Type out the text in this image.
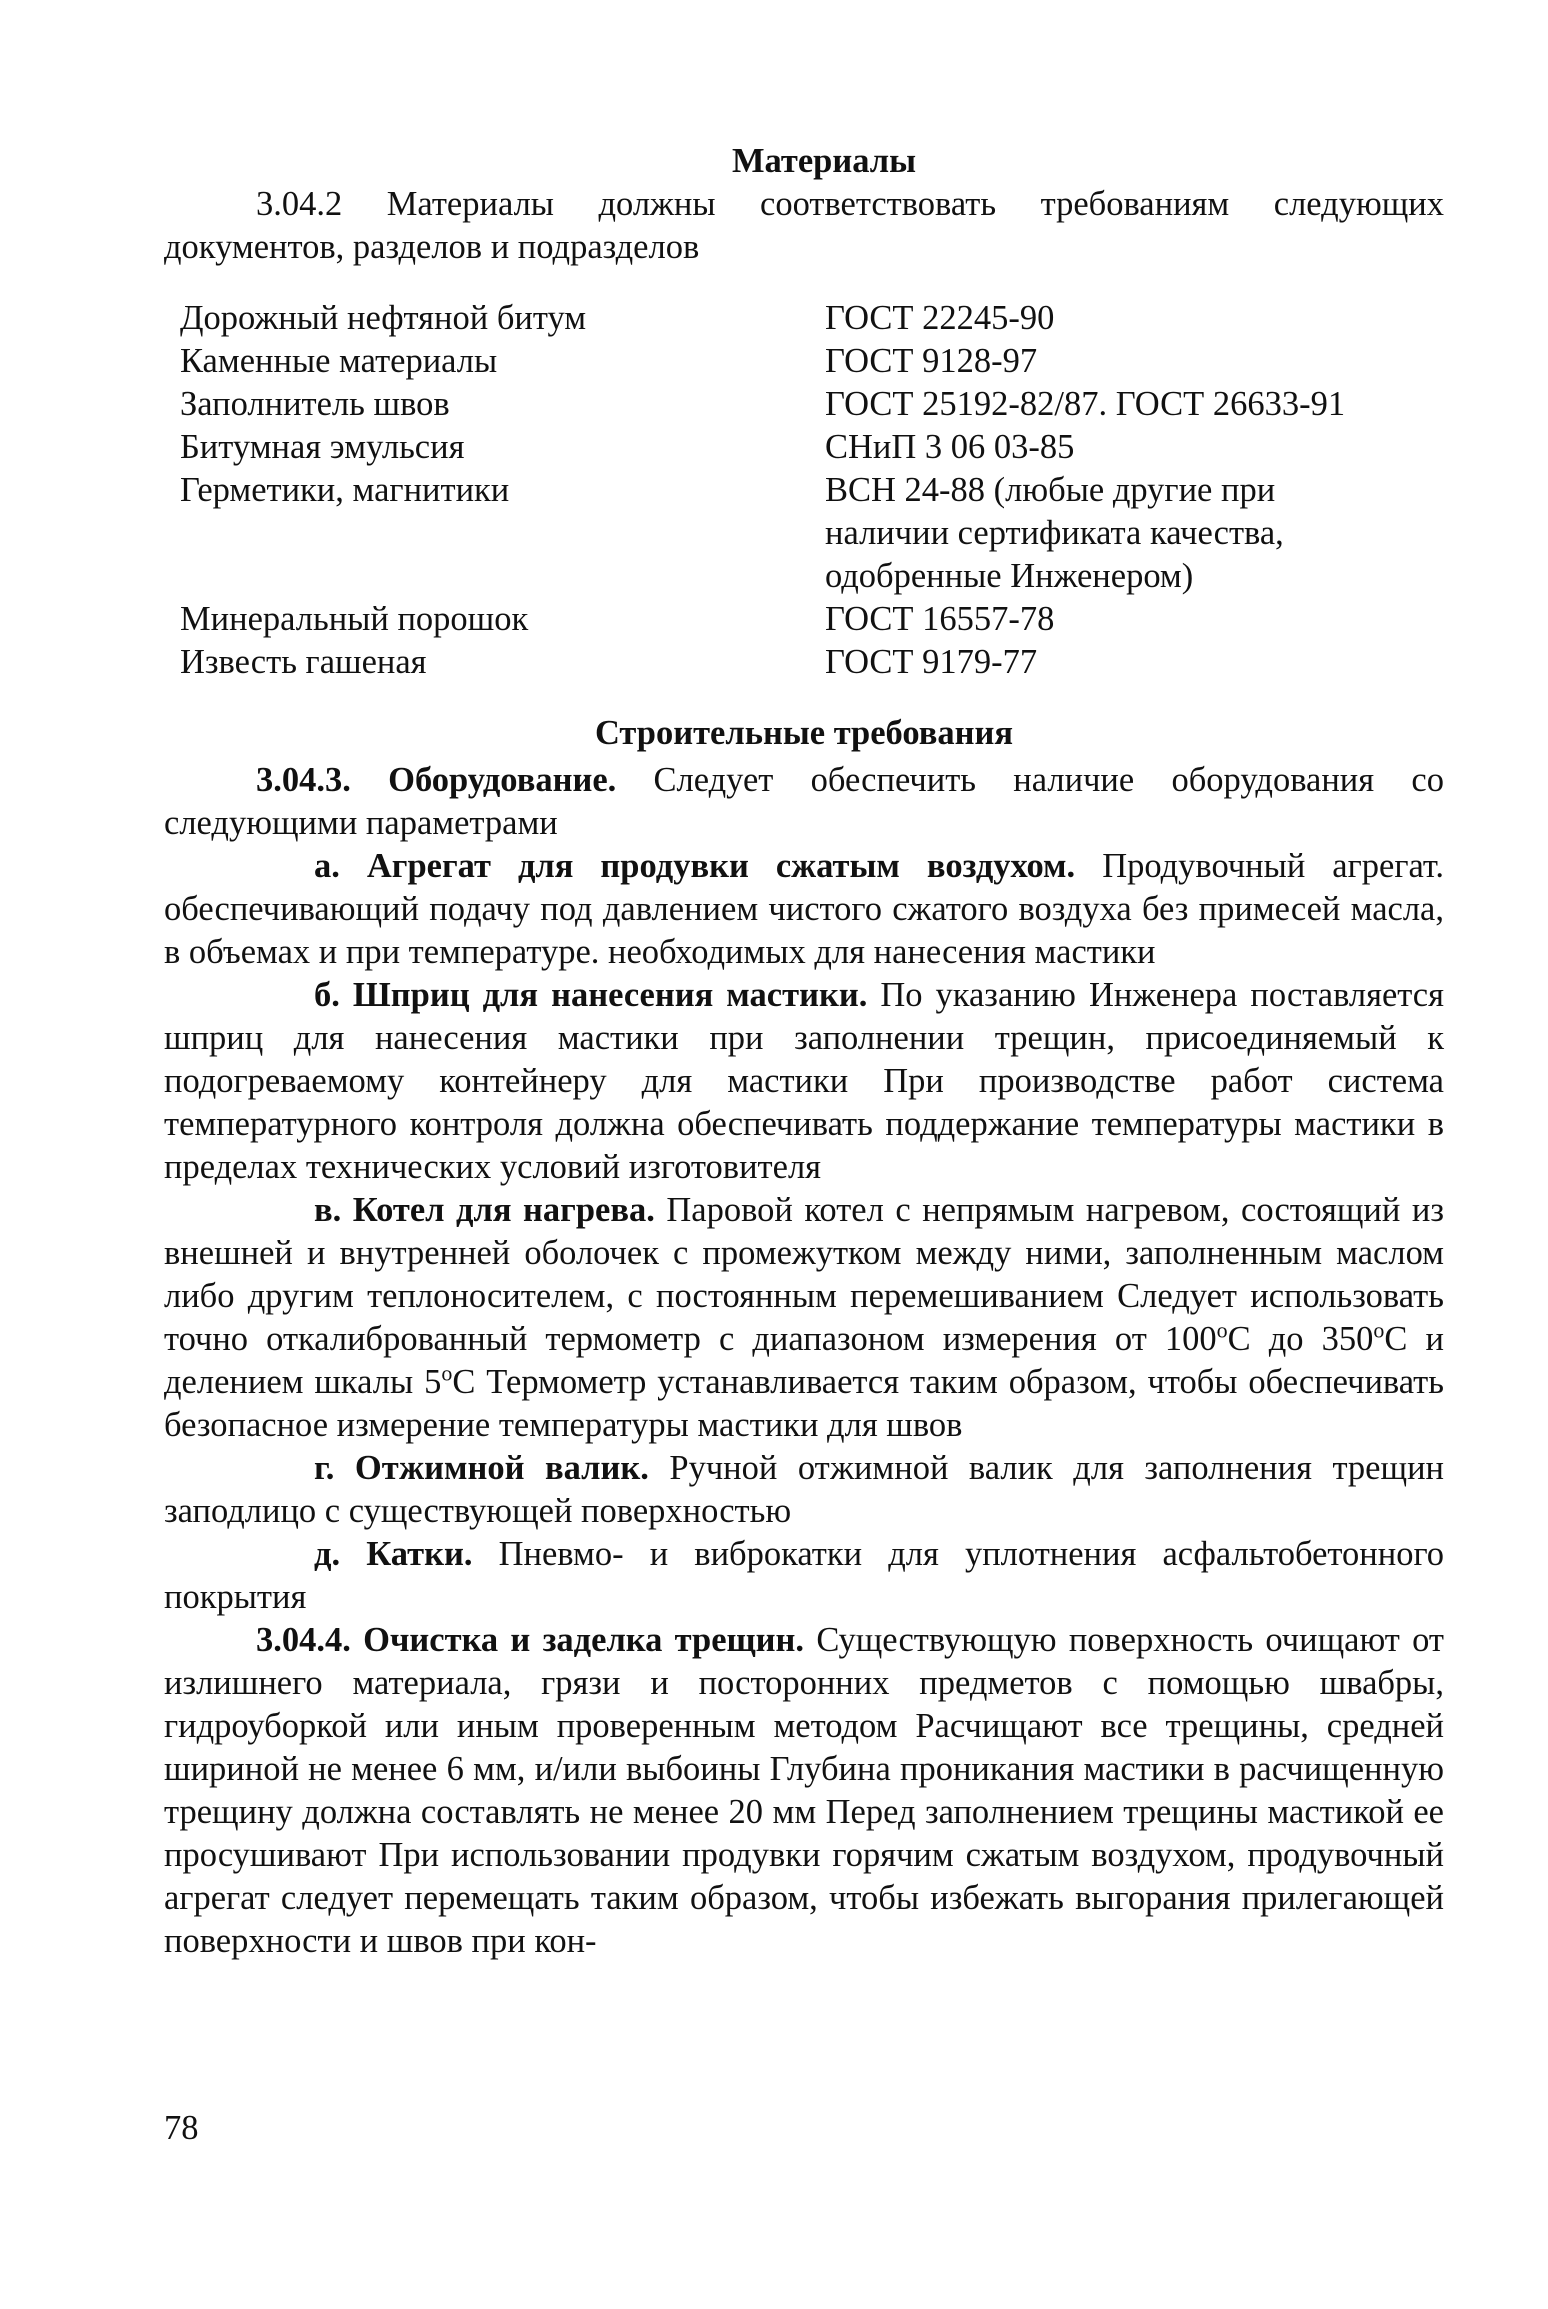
Материалы

3.04.2 Материалы должны соответствовать требованиям следующих документов, разделов и подразделов

Дорожный нефтяной битум	ГОСТ 22245-90
Каменные материалы	ГОСТ 9128-97
Заполнитель швов	ГОСТ 25192-82/87. ГОСТ 26633-91
Битумная эмульсия	СНиП 3 06 03-85
Герметики, магнитики	ВСН 24-88 (любые другие при наличии сертификата качества, одобренные Инженером)
Минеральный порошок	ГОСТ 16557-78
Известь гашеная	ГОСТ 9179-77
Строительные требования

3.04.3. Оборудование. Следует обеспечить наличие оборудования со следующими параметрами

а. Агрегат для продувки сжатым воздухом. Продувочный агрегат. обеспечивающий подачу под давлением чистого сжатого воздуха без примесей масла, в объемах и при температуре. необходимых для нанесения мастики

б. Шприц для нанесения мастики. По указанию Инженера поставляется шприц для нанесения мастики при заполнении трещин, присоединяемый к подогреваемому контейнеру для мастики При производстве работ система температурного контроля должна обеспечивать поддержание температуры мастики в пределах технических условий изготовителя

в. Котел для нагрева. Паровой котел с непрямым нагревом, состоящий из внешней и внутренней оболочек с промежутком между ними, заполненным маслом либо другим теплоносителем, с постоянным перемешиванием Следует использовать точно откалиброванный термометр с диапазоном измерения от $100^оС$ до $350^оС$ и делением шкалы $5^оС$ Термометр устанавливается таким образом, чтобы обеспечивать безопасное измерение температуры мастики для швов

г. Отжимной валик. Ручной отжимной валик для заполнения трещин заподлицо с существующей поверхностью

д. Катки. Пневмо- и виброкатки для уплотнения асфальтобетонного покрытия

3.04.4. Очистка и заделка трещин. Существующую поверхность очищают от излишнего материала, грязи и посторонних предметов с помощью швабры, гидроуборкой или иным проверенным методом Расчищают все трещины, средней шириной не менее 6 мм, и/или выбоины Глубина проникания мастики в расчищенную трещину должна составлять не менее 20 мм Перед заполнением трещины мастикой ее просушивают При использовании продувки горячим сжатым воздухом, продувочный агрегат следует перемещать таким образом, чтобы избежать выгорания прилегающей поверхности и швов при кон-

78
